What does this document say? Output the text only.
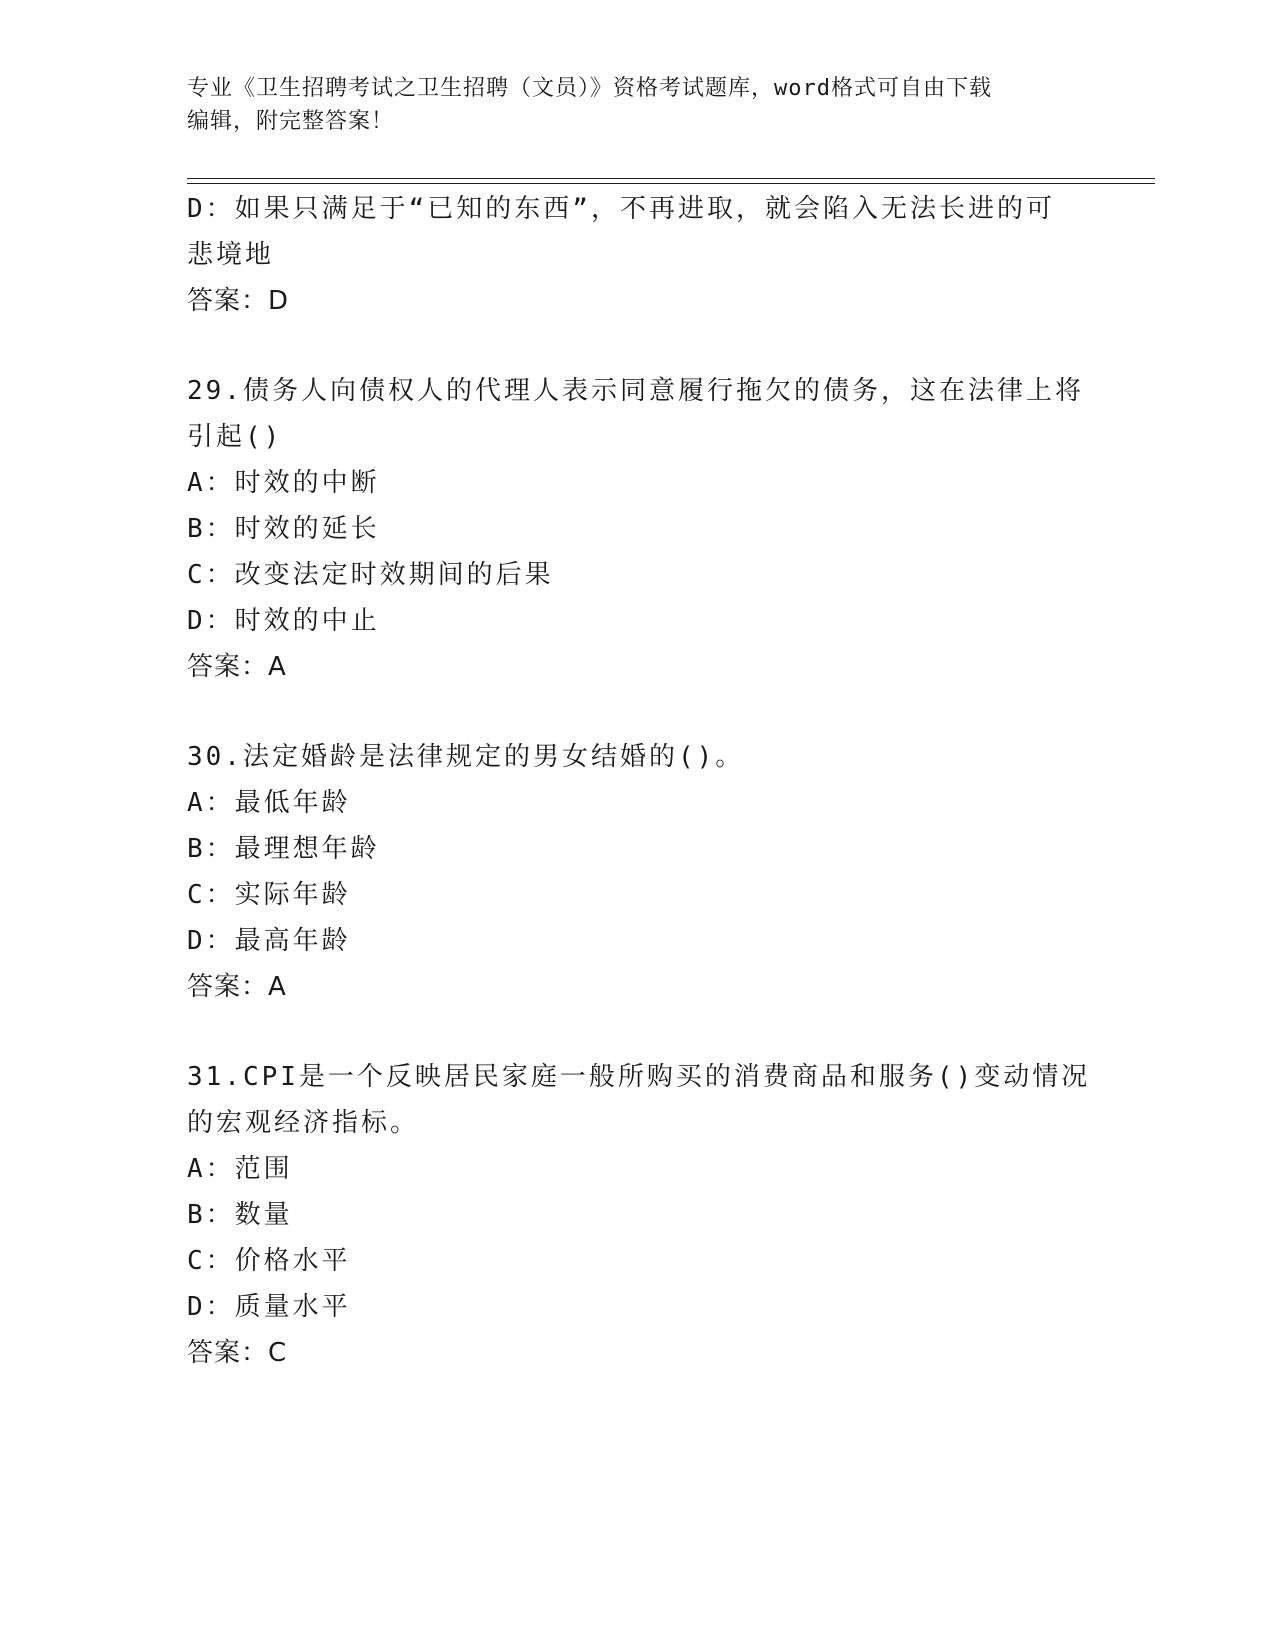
专业《卫生招聘考试之卫生招聘（文员）》资格考试题库，word格式可自由下载
编辑，附完整答案！
D：如果只满足于“已知的东西”，不再进取，就会陷入无法长进的可
悲境地
答案：D
29.债务人向债权人的代理人表示同意履行拖欠的债务，这在法律上将
引起()
A：时效的中断
B：时效的延长
C：改变法定时效期间的后果
D：时效的中止
答案：A
30.法定婚龄是法律规定的男女结婚的()。
A：最低年龄
B：最理想年龄
C：实际年龄
D：最高年龄
答案：A
31.CPI是一个反映居民家庭一般所购买的消费商品和服务()变动情况
的宏观经济指标。
A：范围
B：数量
C：价格水平
D：质量水平
答案：C
